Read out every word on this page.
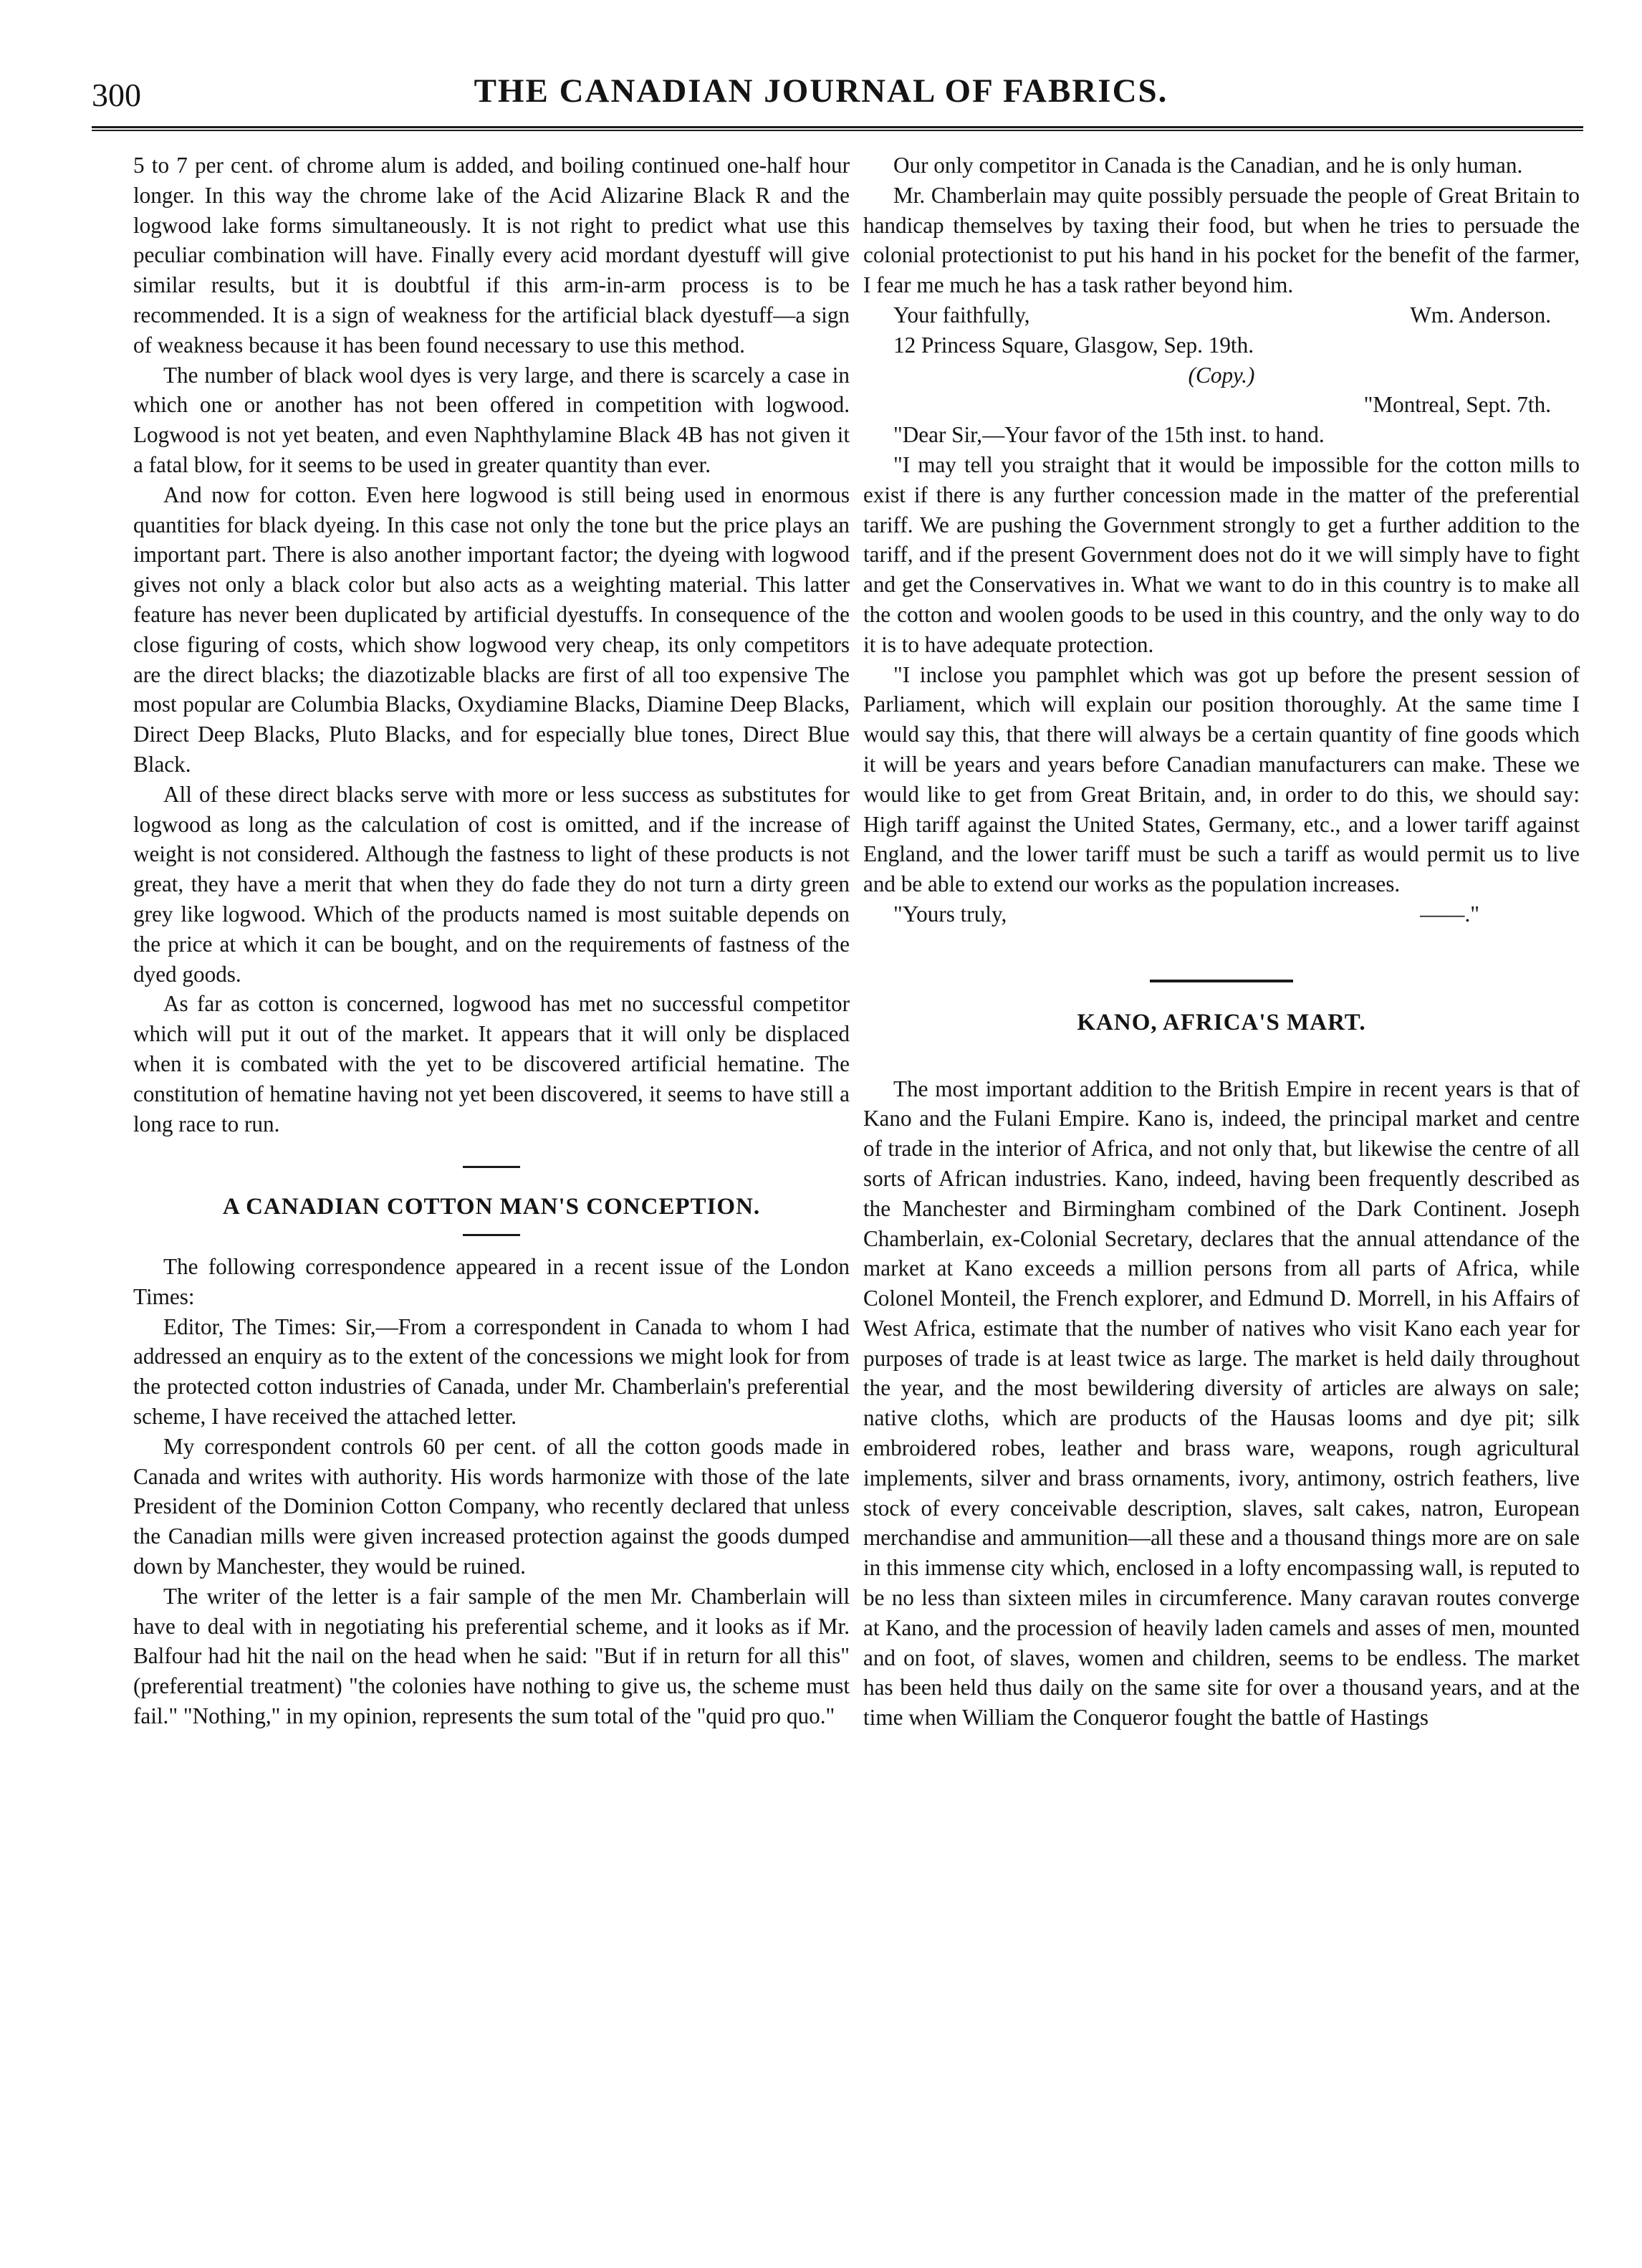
300	THE CANADIAN JOURNAL OF FABRICS.

5 to 7 per cent. of chrome alum is added, and boiling continued one-half hour longer. In this way the chrome lake of the Acid Alizarine Black R and the logwood lake forms simultaneously. It is not right to predict what use this peculiar combination will have. Finally every acid mordant dyestuff will give similar results, but it is doubtful if this arm-in-arm process is to be recommended. It is a sign of weakness for the artificial black dyestuff—a sign of weakness because it has been found necessary to use this method.

The number of black wool dyes is very large, and there is scarcely a case in which one or another has not been offered in competition with logwood. Logwood is not yet beaten, and even Naphthylamine Black 4B has not given it a fatal blow, for it seems to be used in greater quantity than ever.

And now for cotton. Even here logwood is still being used in enormous quantities for black dyeing. In this case not only the tone but the price plays an important part. There is also another important factor; the dyeing with logwood gives not only a black color but also acts as a weighting material. This latter feature has never been duplicated by artificial dyestuffs. In consequence of the close figuring of costs, which show logwood very cheap, its only competitors are the direct blacks; the diazotizable blacks are first of all too expensive The most popular are Columbia Blacks, Oxydiamine Blacks, Diamine Deep Blacks, Direct Deep Blacks, Pluto Blacks, and for especially blue tones, Direct Blue Black.

All of these direct blacks serve with more or less success as substitutes for logwood as long as the calculation of cost is omitted, and if the increase of weight is not considered. Although the fastness to light of these products is not great, they have a merit that when they do fade they do not turn a dirty green grey like logwood. Which of the products named is most suitable depends on the price at which it can be bought, and on the requirements of fastness of the dyed goods.

As far as cotton is concerned, logwood has met no successful competitor which will put it out of the market. It appears that it will only be displaced when it is combated with the yet to be discovered artificial hematine. The constitution of hematine having not yet been discovered, it seems to have still a long race to run.

A CANADIAN COTTON MAN'S CONCEPTION.

The following correspondence appeared in a recent issue of the London Times:

Editor, The Times: Sir,—From a correspondent in Canada to whom I had addressed an enquiry as to the extent of the concessions we might look for from the protected cotton industries of Canada, under Mr. Chamberlain's preferential scheme, I have received the attached letter.

My correspondent controls 60 per cent. of all the cotton goods made in Canada and writes with authority. His words harmonize with those of the late President of the Dominion Cotton Company, who recently declared that unless the Canadian mills were given increased protection against the goods dumped down by Manchester, they would be ruined.

The writer of the letter is a fair sample of the men Mr. Chamberlain will have to deal with in negotiating his preferential scheme, and it looks as if Mr. Balfour had hit the nail on the head when he said: "But if in return for all this" (preferential treatment) "the colonies have nothing to give us, the scheme must fail." "Nothing," in my opinion, represents the sum total of the "quid pro quo."

Our only competitor in Canada is the Canadian, and he is only human.

Mr. Chamberlain may quite possibly persuade the people of Great Britain to handicap themselves by taxing their food, but when he tries to persuade the colonial protectionist to put his hand in his pocket for the benefit of the farmer, I fear me much he has a task rather beyond him.

Your faithfully,	Wm. Anderson.
12 Princess Square, Glasgow, Sep. 19th.
(Copy.)
"Montreal, Sept. 7th.

"Dear Sir,—Your favor of the 15th inst. to hand.

"I may tell you straight that it would be impossible for the cotton mills to exist if there is any further concession made in the matter of the preferential tariff. We are pushing the Government strongly to get a further addition to the tariff, and if the present Government does not do it we will simply have to fight and get the Conservatives in. What we want to do in this country is to make all the cotton and woolen goods to be used in this country, and the only way to do it is to have adequate protection.

"I inclose you pamphlet which was got up before the present session of Parliament, which will explain our position thoroughly. At the same time I would say this, that there will always be a certain quantity of fine goods which it will be years and years before Canadian manufacturers can make. These we would like to get from Great Britain, and, in order to do this, we should say: High tariff against the United States, Germany, etc., and a lower tariff against England, and the lower tariff must be such a tariff as would permit us to live and be able to extend our works as the population increases.

"Yours truly,	——."
KANO, AFRICA'S MART.

The most important addition to the British Empire in recent years is that of Kano and the Fulani Empire. Kano is, indeed, the principal market and centre of trade in the interior of Africa, and not only that, but likewise the centre of all sorts of African industries. Kano, indeed, having been frequently described as the Manchester and Birmingham combined of the Dark Continent. Joseph Chamberlain, ex-Colonial Secretary, declares that the annual attendance of the market at Kano exceeds a million persons from all parts of Africa, while Colonel Monteil, the French explorer, and Edmund D. Morrell, in his Affairs of West Africa, estimate that the number of natives who visit Kano each year for purposes of trade is at least twice as large. The market is held daily throughout the year, and the most bewildering diversity of articles are always on sale; native cloths, which are products of the Hausas looms and dye pit; silk embroidered robes, leather and brass ware, weapons, rough agricultural implements, silver and brass ornaments, ivory, antimony, ostrich feathers, live stock of every conceivable description, slaves, salt cakes, natron, European merchandise and ammunition—all these and a thousand things more are on sale in this immense city which, enclosed in a lofty encompassing wall, is reputed to be no less than sixteen miles in circumference. Many caravan routes converge at Kano, and the procession of heavily laden camels and asses of men, mounted and on foot, of slaves, women and children, seems to be endless. The market has been held thus daily on the same site for over a thousand years, and at the time when William the Conqueror fought the battle of Hastings
